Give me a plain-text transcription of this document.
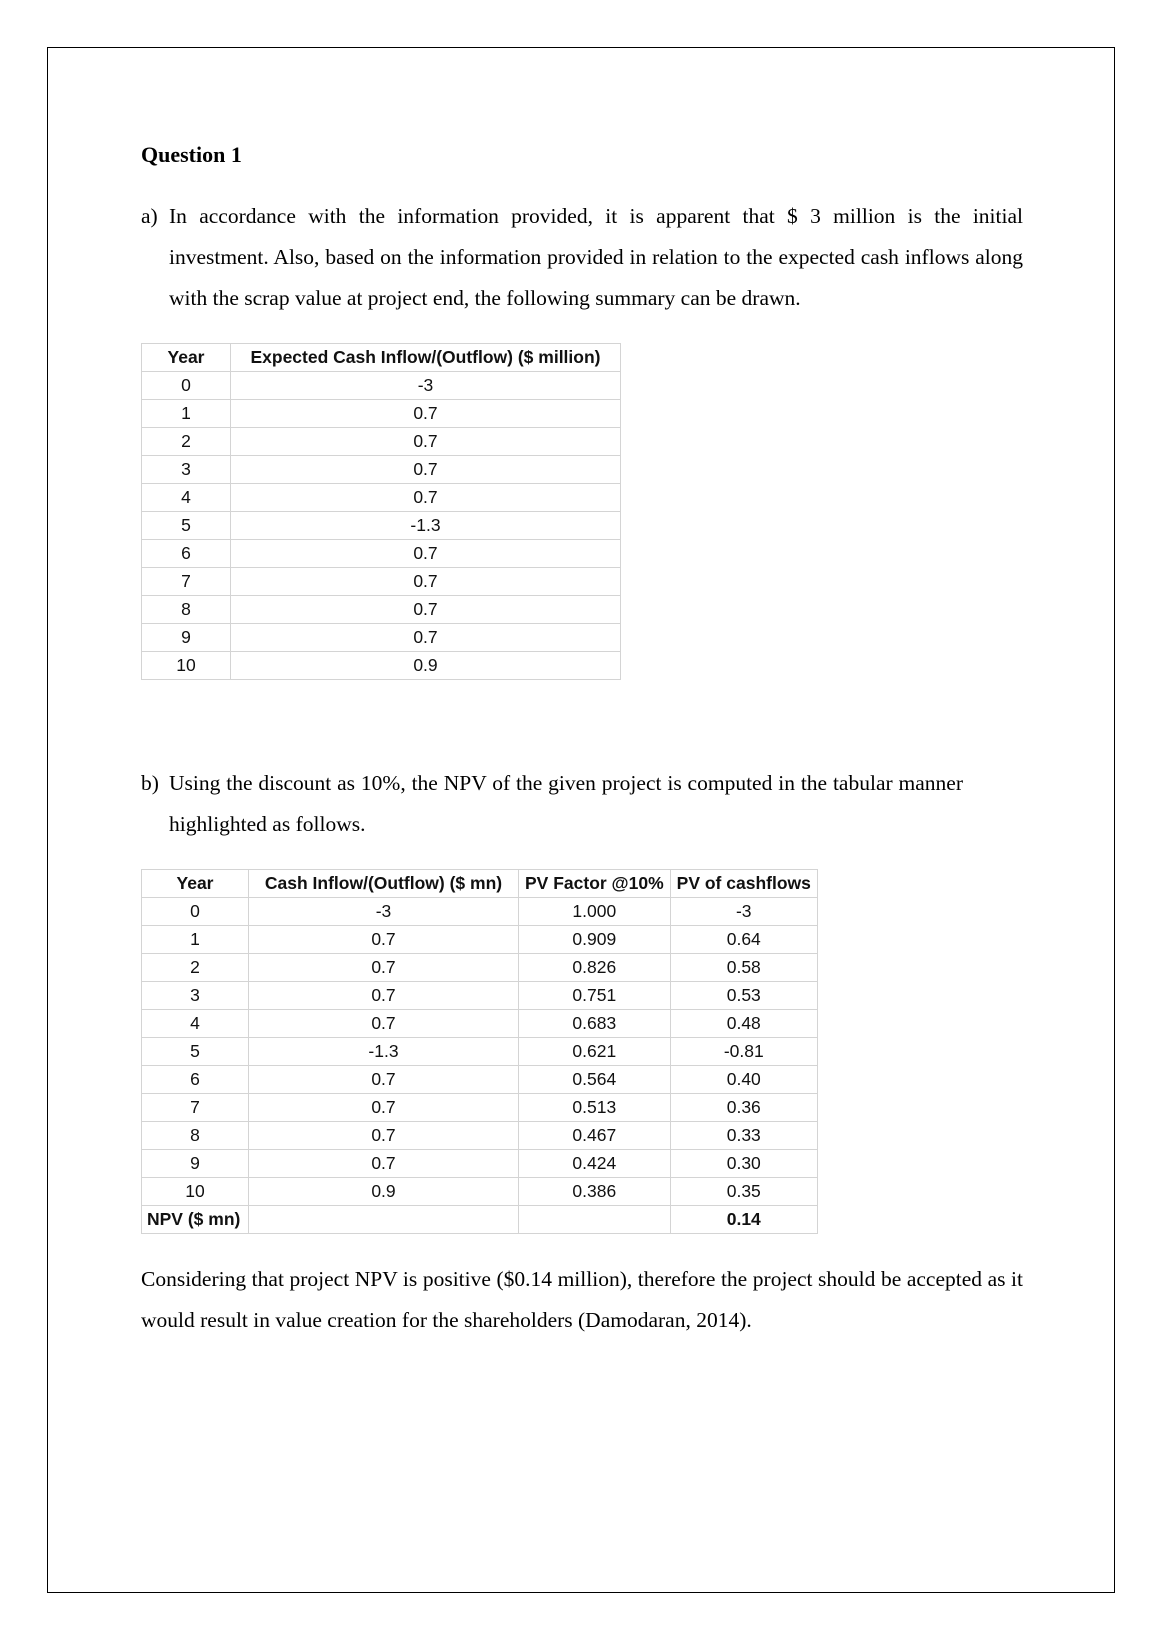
Question 1
a) In accordance with the information provided, it is apparent that $ 3 million is the initial investment. Also, based on the information provided in relation to the expected cash inflows along with the scrap value at project end, the following summary can be drawn.
Year	Expected Cash Inflow/(Outflow) ($ million)
0	-3
1	0.7
2	0.7
3	0.7
4	0.7
5	-1.3
6	0.7
7	0.7
8	0.7
9	0.7
10	0.9
b) Using the discount as 10%, the NPV of the given project is computed in the tabular manner highlighted as follows.
Year	Cash Inflow/(Outflow) ($ mn)	PV Factor @10%	PV of cashflows
0	-3	1.000	-3
1	0.7	0.909	0.64
2	0.7	0.826	0.58
3	0.7	0.751	0.53
4	0.7	0.683	0.48
5	-1.3	0.621	-0.81
6	0.7	0.564	0.40
7	0.7	0.513	0.36
8	0.7	0.467	0.33
9	0.7	0.424	0.30
10	0.9	0.386	0.35
NPV ($ mn)			0.14

Considering that project NPV is positive ($0.14 million), therefore the project should be accepted as it would result in value creation for the shareholders (Damodaran, 2014).
